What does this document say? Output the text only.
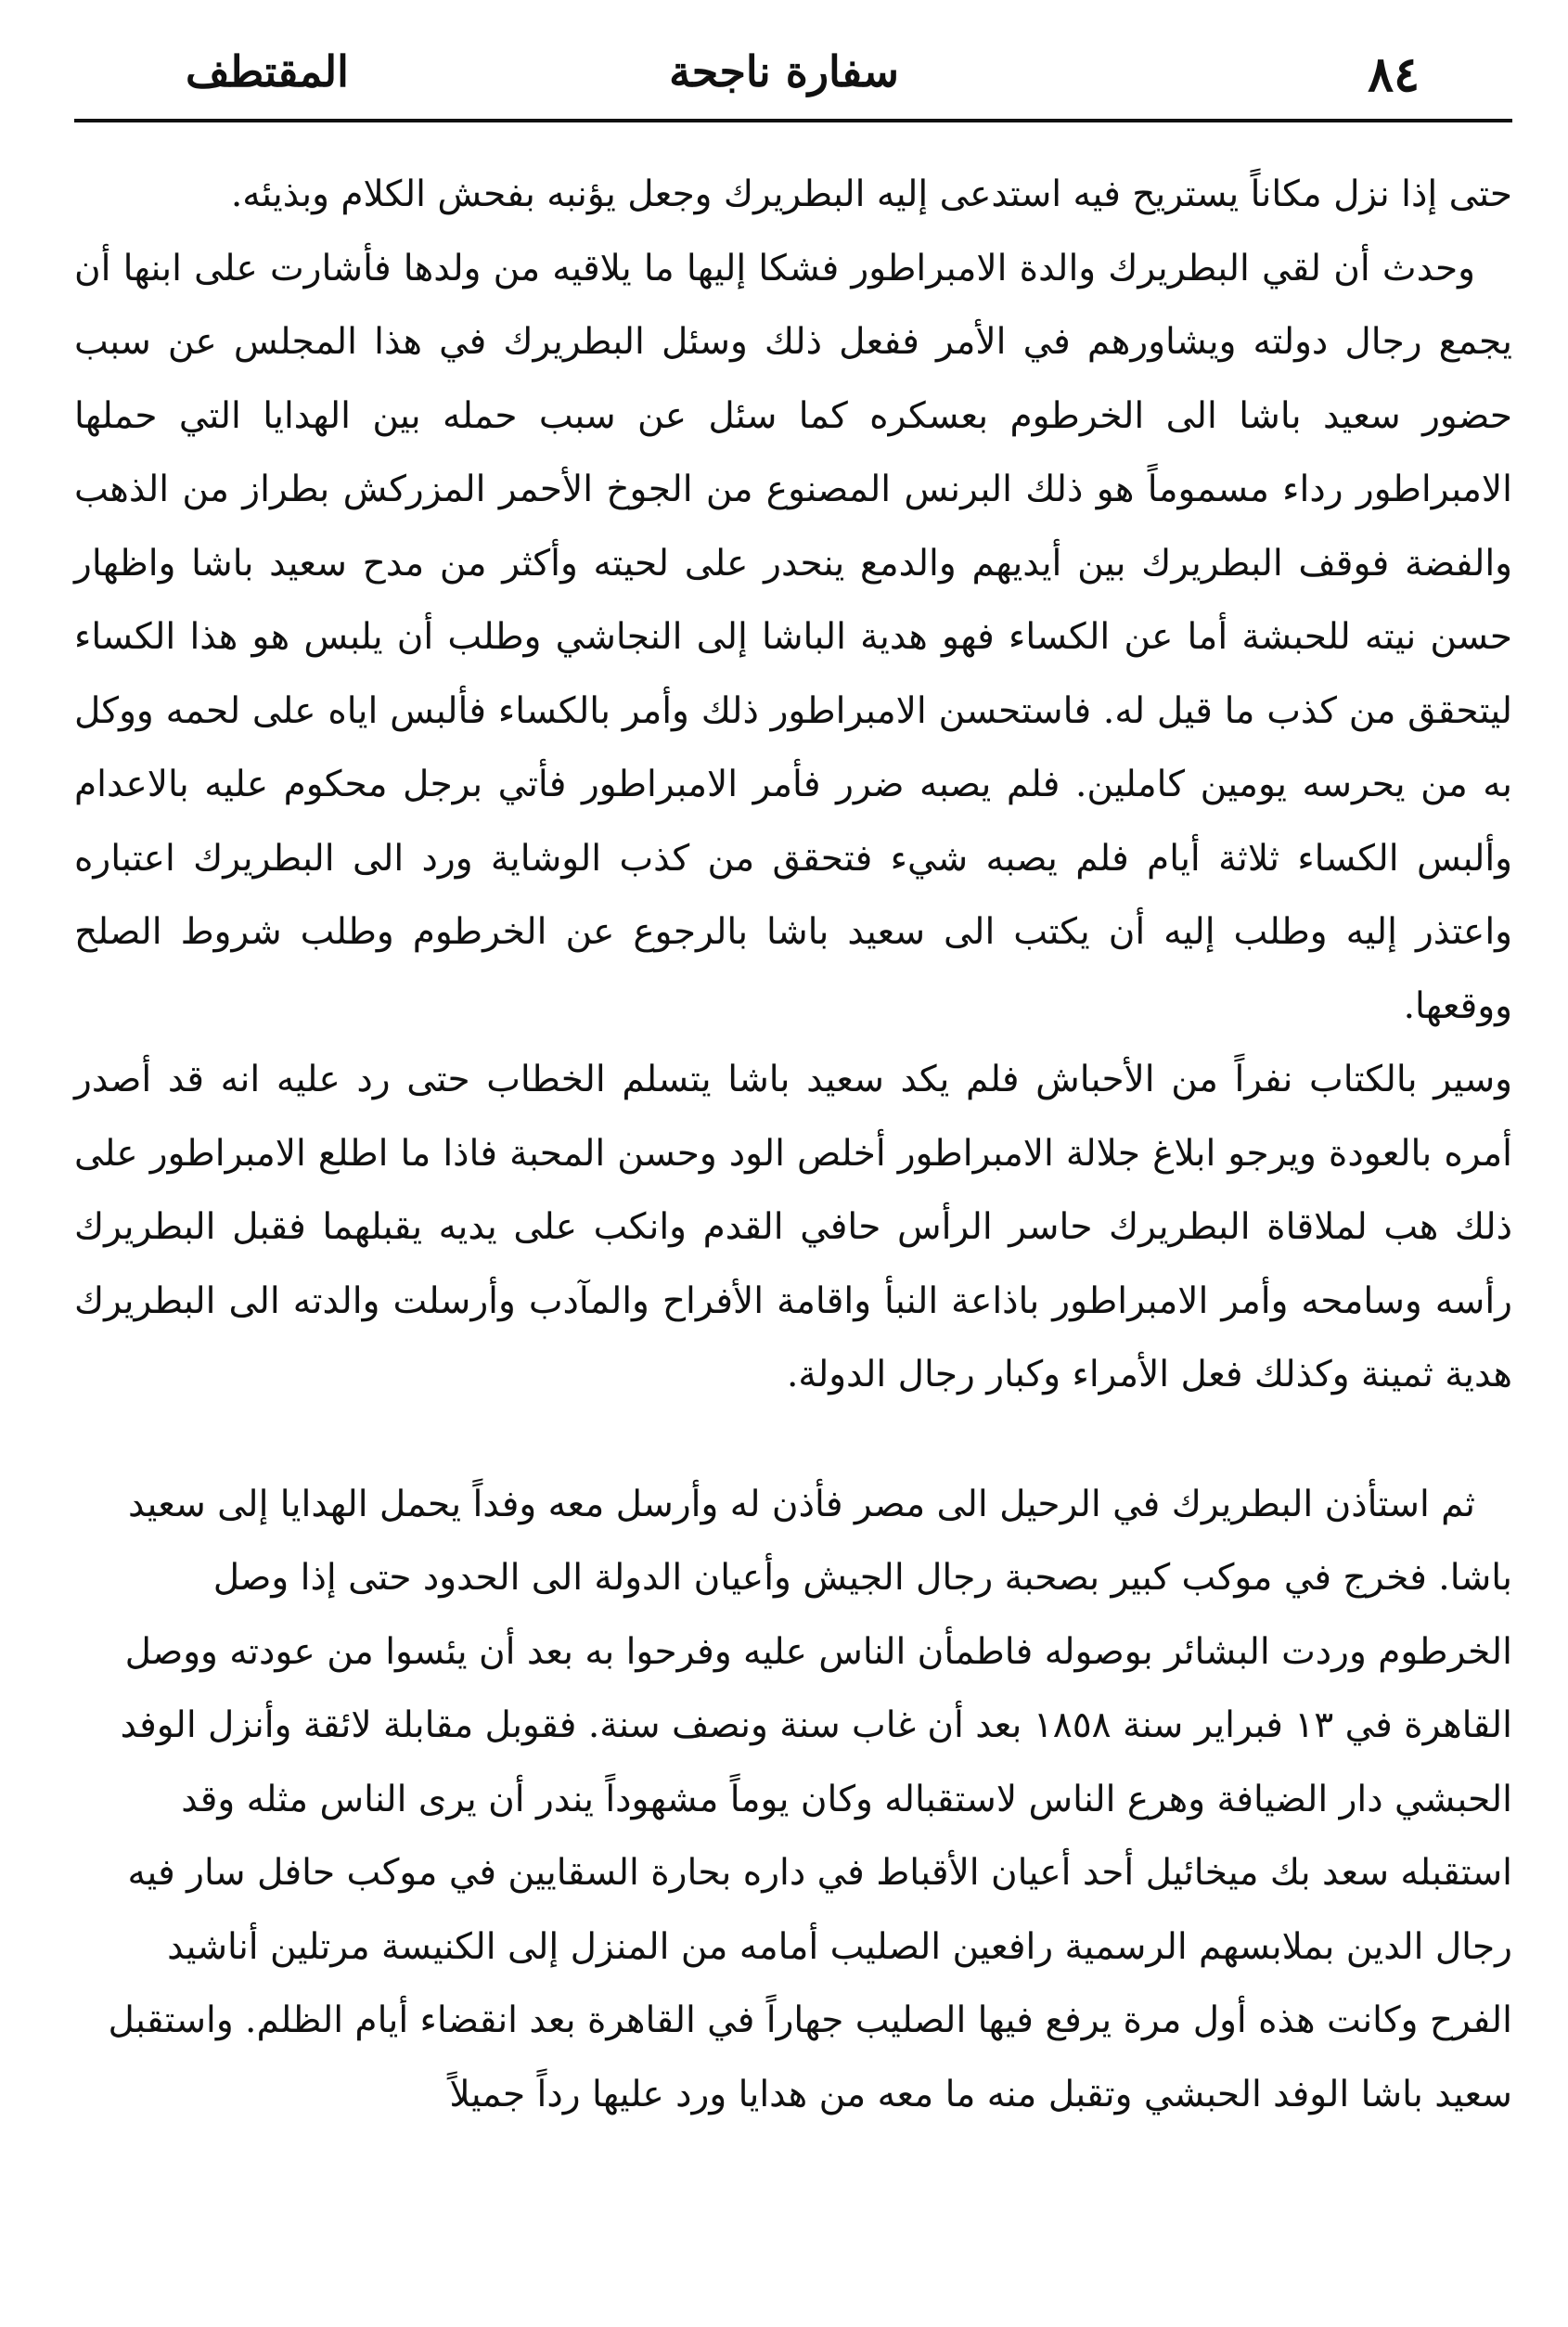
٨٤
سفارة ناجحة
المقتطف

حتى إذا نزل مكاناً يستريح فيه استدعى إليه البطريرك وجعل يؤنبه بفحش الكلام وبذيئه.

وحدث أن لقي البطريرك والدة الامبراطور فشكا إليها ما يلاقيه من ولدها فأشارت على ابنها أن يجمع رجال دولته ويشاورهم في الأمر ففعل ذلك وسئل البطريرك في هذا المجلس عن سبب حضور سعيد باشا الى الخرطوم بعسكره كما سئل عن سبب حمله بين الهدايا التي حملها الامبراطور رداء مسموماً هو ذلك البرنس المصنوع من الجوخ الأحمر المزركش بطراز من الذهب والفضة فوقف البطريرك بين أيديهم والدمع ينحدر على لحيته وأكثر من مدح سعيد باشا واظهار حسن نيته للحبشة أما عن الكساء فهو هدية الباشا إلى النجاشي وطلب أن يلبس هو هذا الكساء ليتحقق من كذب ما قيل له. فاستحسن الامبراطور ذلك وأمر بالكساء فألبس اياه على لحمه ووكل به من يحرسه يومين كاملين. فلم يصبه ضرر فأمر الامبراطور فأتي برجل محكوم عليه بالاعدام وألبس الكساء ثلاثة أيام فلم يصبه شيء فتحقق من كذب الوشاية ورد الى البطريرك اعتباره واعتذر إليه وطلب إليه أن يكتب الى سعيد باشا بالرجوع عن الخرطوم وطلب شروط الصلح ووقعها.

وسير بالكتاب نفراً من الأحباش فلم يكد سعيد باشا يتسلم الخطاب حتى رد عليه انه قد أصدر أمره بالعودة ويرجو ابلاغ جلالة الامبراطور أخلص الود وحسن المحبة فاذا ما اطلع الامبراطور على ذلك هب لملاقاة البطريرك حاسر الرأس حافي القدم وانكب على يديه يقبلهما فقبل البطريرك رأسه وسامحه وأمر الامبراطور باذاعة النبأ واقامة الأفراح والمآدب وأرسلت والدته الى البطريرك هدية ثمينة وكذلك فعل الأمراء وكبار رجال الدولة.

ثم استأذن البطريرك في الرحيل الى مصر فأذن له وأرسل معه وفداً يحمل الهدايا إلى سعيد باشا. فخرج في موكب كبير بصحبة رجال الجيش وأعيان الدولة الى الحدود حتى إذا وصل الخرطوم وردت البشائر بوصوله فاطمأن الناس عليه وفرحوا به بعد أن يئسوا من عودته ووصل القاهرة في ١٣ فبراير سنة ١٨٥٨ بعد أن غاب سنة ونصف سنة. فقوبل مقابلة لائقة وأنزل الوفد الحبشي دار الضيافة وهرع الناس لاستقباله وكان يوماً مشهوداً يندر أن يرى الناس مثله وقد استقبله سعد بك ميخائيل أحد أعيان الأقباط في داره بحارة السقايين في موكب حافل سار فيه رجال الدين بملابسهم الرسمية رافعين الصليب أمامه من المنزل إلى الكنيسة مرتلين أناشيد الفرح وكانت هذه أول مرة يرفع فيها الصليب جهاراً في القاهرة بعد انقضاء أيام الظلم. واستقبل سعيد باشا الوفد الحبشي وتقبل منه ما معه من هدايا ورد عليها رداً جميلاً
